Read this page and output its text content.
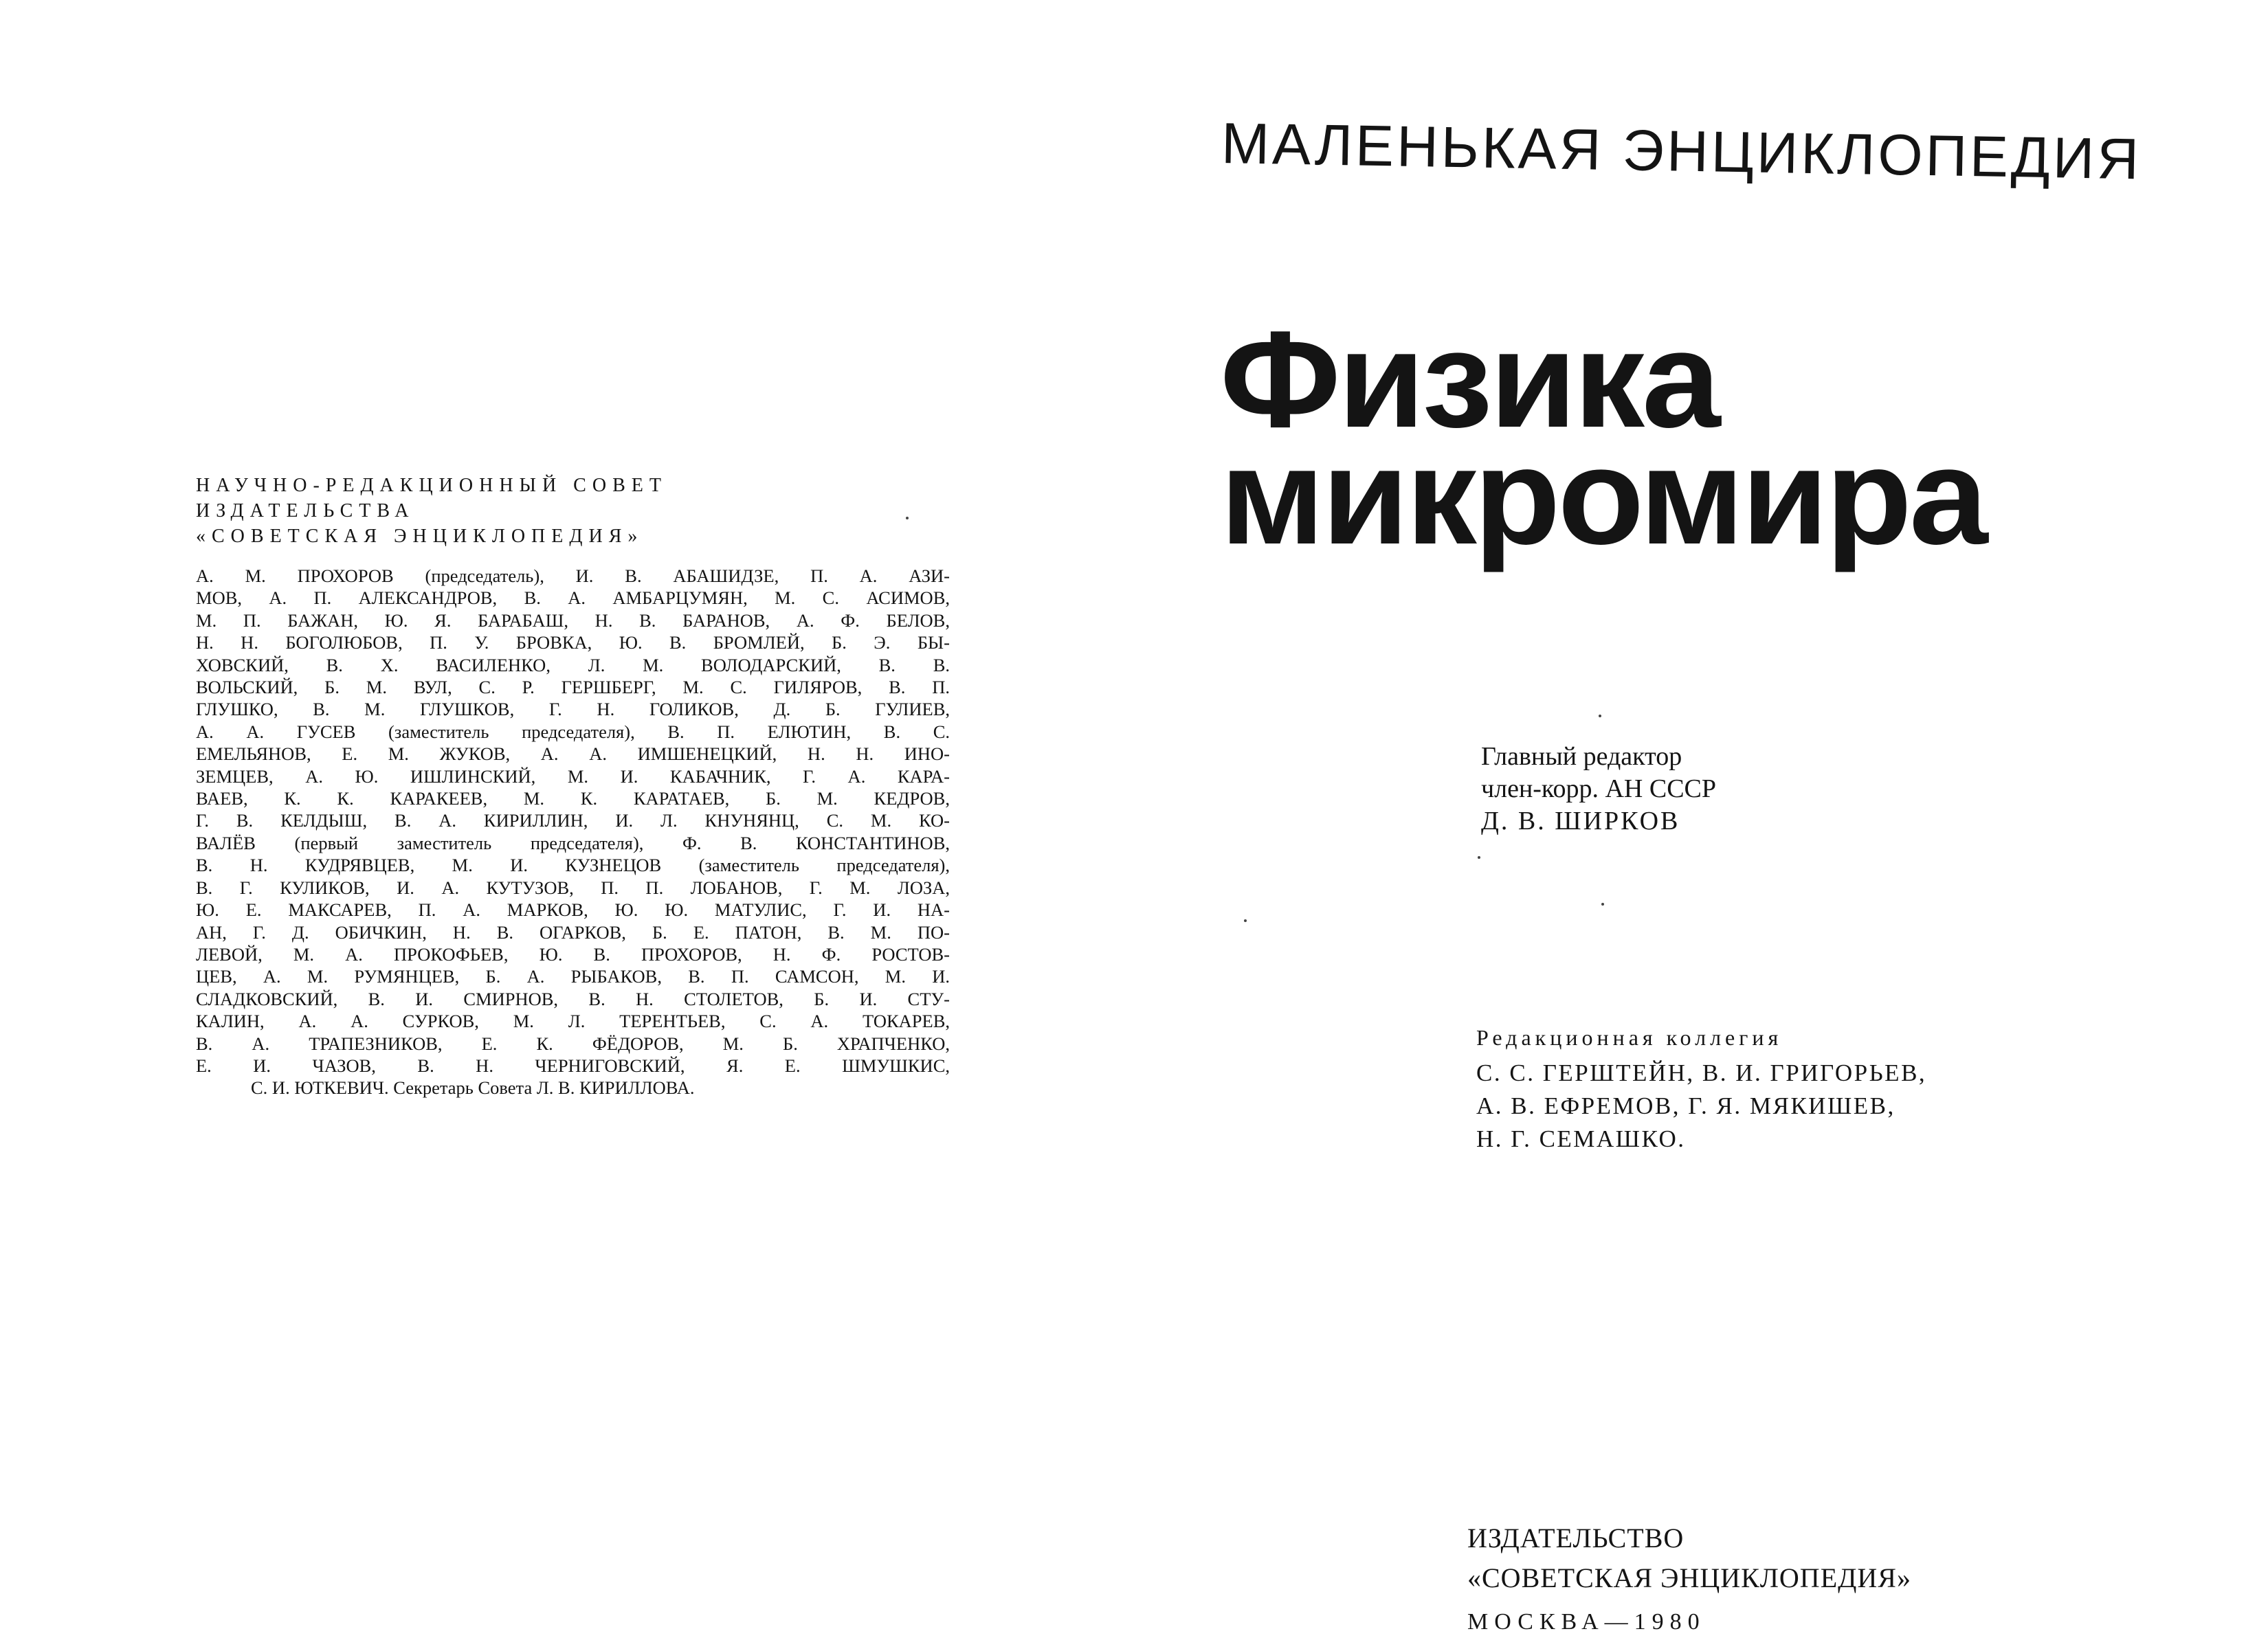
НАУЧНО-РЕДАКЦИОННЫЙ СОВЕТ
ИЗДАТЕЛЬСТВА
«СОВЕТСКАЯ ЭНЦИКЛОПЕДИЯ»
А. М. ПРОХОРОВ (председатель), И. В. АБАШИДЗЕ, П. А. АЗИ-
МОВ, А. П. АЛЕКСАНДРОВ, В. А. АМБАРЦУМЯН, М. С. АСИМОВ,
М. П. БАЖАН, Ю. Я. БАРАБАШ, Н. В. БАРАНОВ, А. Ф. БЕЛОВ,
Н. Н. БОГОЛЮБОВ, П. У. БРОВКА, Ю. В. БРОМЛЕЙ, Б. Э. БЫ-
ХОВСКИЙ, В. Х. ВАСИЛЕНКО, Л. М. ВОЛОДАРСКИЙ, В. В.
ВОЛЬСКИЙ, Б. М. ВУЛ, С. Р. ГЕРШБЕРГ, М. С. ГИЛЯРОВ, В. П.
ГЛУШКО, В. М. ГЛУШКОВ, Г. Н. ГОЛИКОВ, Д. Б. ГУЛИЕВ,
А. А. ГУСЕВ (заместитель председателя), В. П. ЕЛЮТИН, В. С.
ЕМЕЛЬЯНОВ, Е. М. ЖУКОВ, А. А. ИМШЕНЕЦКИЙ, Н. Н. ИНО-
ЗЕМЦЕВ, А. Ю. ИШЛИНСКИЙ, М. И. КАБАЧНИК, Г. А. КАРА-
ВАЕВ, К. К. КАРАКЕЕВ, М. К. КАРАТАЕВ, Б. М. КЕДРОВ,
Г. В. КЕЛДЫШ, В. А. КИРИЛЛИН, И. Л. КНУНЯНЦ, С. М. КО-
ВАЛЁВ (первый заместитель председателя), Ф. В. КОНСТАНТИНОВ,
В. Н. КУДРЯВЦЕВ, М. И. КУЗНЕЦОВ (заместитель председателя),
В. Г. КУЛИКОВ, И. А. КУТУЗОВ, П. П. ЛОБАНОВ, Г. М. ЛОЗА,
Ю. Е. МАКСАРЕВ, П. А. МАРКОВ, Ю. Ю. МАТУЛИС, Г. И. НА-
АН, Г. Д. ОБИЧКИН, Н. В. ОГАРКОВ, Б. Е. ПАТОН, В. М. ПО-
ЛЕВОЙ, М. А. ПРОКОФЬЕВ, Ю. В. ПРОХОРОВ, Н. Ф. РОСТОВ-
ЦЕВ, А. М. РУМЯНЦЕВ, Б. А. РЫБАКОВ, В. П. САМСОН, М. И.
СЛАДКОВСКИЙ, В. И. СМИРНОВ, В. Н. СТОЛЕТОВ, Б. И. СТУ-
КАЛИН, А. А. СУРКОВ, М. Л. ТЕРЕНТЬЕВ, С. А. ТОКАРЕВ,
В. А. ТРАПЕЗНИКОВ, Е. К. ФЁДОРОВ, М. Б. ХРАПЧЕНКО,
Е. И. ЧАЗОВ, В. Н. ЧЕРНИГОВСКИЙ, Я. Е. ШМУШКИС,
С. И. ЮТКЕВИЧ. Секретарь Совета Л. В. КИРИЛЛОВА.
МАЛЕНЬКАЯ ЭНЦИКЛОПЕДИЯ
Физика
микромира
Главный редактор
член-корр. АН СССР
Д. В. ШИРКОВ
Редакционная коллегия
С. С. ГЕРШТЕЙН, В. И. ГРИГОРЬЕВ,
А. В. ЕФРЕМОВ, Г. Я. МЯКИШЕВ,
Н. Г. СЕМАШКО.
ИЗДАТЕЛЬСТВО
«СОВЕТСКАЯ ЭНЦИКЛОПЕДИЯ»
МОСКВА—1980
